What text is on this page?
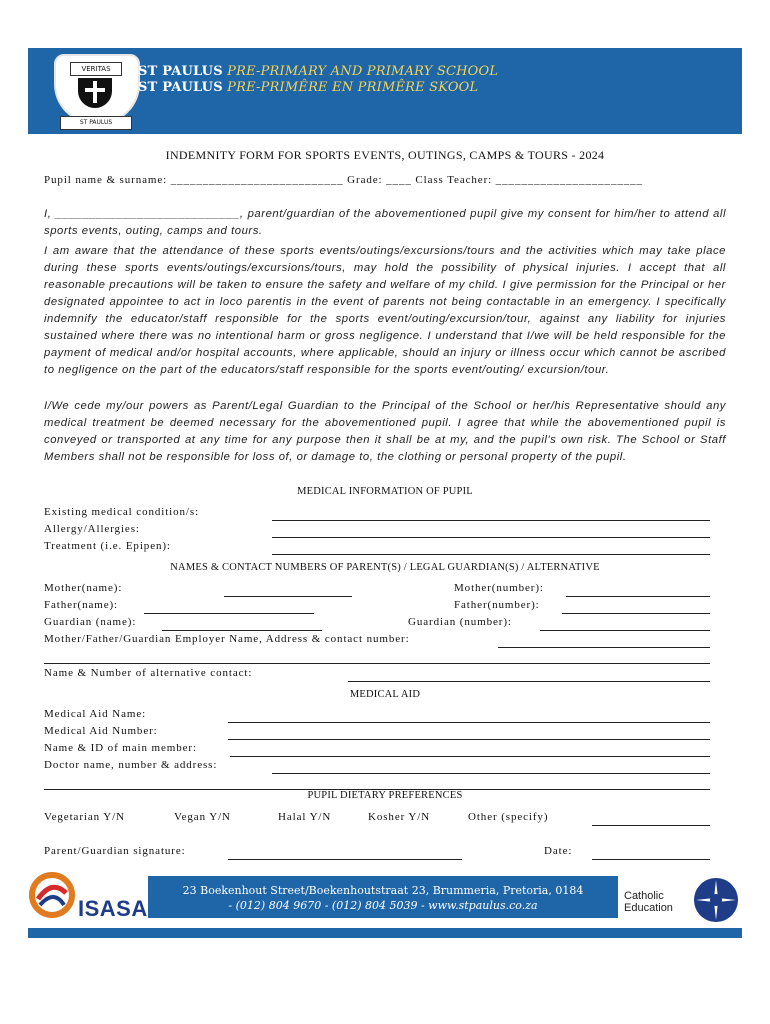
VERITAS
ST PAULUS
ST PAULUS PRE-PRIMARY AND PRIMARY SCHOOL
ST PAULUS PRE-PRIMÊRE EN PRIMÊRE SKOOL
INDEMNITY FORM FOR SPORTS EVENTS, OUTINGS, CAMPS & TOURS - 2024
Pupil name & surname: ___________________________ Grade: ____ Class Teacher: _______________________
I, ___________________________, parent/guardian of the abovementioned pupil give my consent for him/her to attend all sports events, outing, camps and tours.
I am aware that the attendance of these sports events/outings/excursions/tours and the activities which may take place during these sports events/outings/excursions/tours, may hold the possibility of physical injuries. I accept that all reasonable precautions will be taken to ensure the safety and welfare of my child. I give permission for the Principal or her designated appointee to act in loco parentis in the event of parents not being contactable in an emergency. I specifically indemnify the educator/staff responsible for the sports event/outing/excursion/tour, against any liability for injuries sustained where there was no intentional harm or gross negligence. I understand that I/we will be held responsible for the payment of medical and/or hospital accounts, where applicable, should an injury or illness occur which cannot be ascribed to negligence on the part of the educators/staff responsible for the sports event/outing/ excursion/tour.
I/We cede my/our powers as Parent/Legal Guardian to the Principal of the School or her/his Representative should any medical treatment be deemed necessary for the abovementioned pupil. I agree that while the abovementioned pupil is conveyed or transported at any time for any purpose then it shall be at my, and the pupil's own risk. The School or Staff Members shall not be responsible for loss of, or damage to, the clothing or personal property of the pupil.
MEDICAL INFORMATION OF PUPIL
Existing medical condition/s:
Allergy/Allergies:
Treatment (i.e. Epipen):
NAMES & CONTACT NUMBERS OF PARENT(S) / LEGAL GUARDIAN(S) / ALTERNATIVE
Mother(name):	Mother(number):
Father(name):	Father(number):
Guardian (name):	Guardian (number):
Mother/Father/Guardian Employer Name, Address & contact number:
Name & Number of alternative contact:
MEDICAL AID
Medical Aid Name:
Medical Aid Number:
Name & ID of main member:
Doctor name, number & address:
PUPIL DIETARY PREFERENCES
Vegetarian Y/N	Vegan Y/N	Halal Y/N	Kosher Y/N	Other (specify)
Parent/Guardian signature:	Date:
ISASA
23 Boekenhout Street/Boekenhoutstraat 23, Brummeria, Pretoria, 0184
- (012) 804 9670 - (012) 804 5039 - www.stpaulus.co.za
Catholic
Education
